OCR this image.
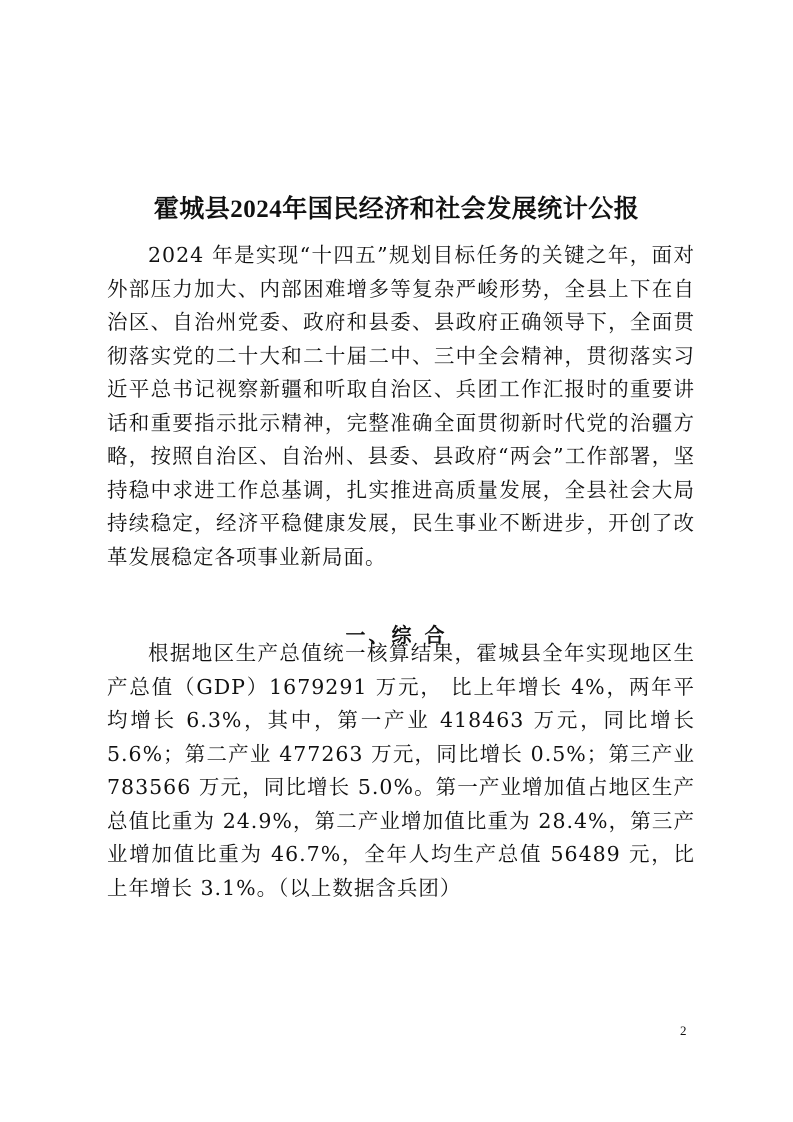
霍城县2024年国民经济和社会发展统计公报

2024 年是实现“十四五”规划目标任务的关键之年，面对外部压力加大、内部困难增多等复杂严峻形势，全县上下在自治区、自治州党委、政府和县委、县政府正确领导下，全面贯彻落实党的二十大和二十届二中、三中全会精神，贯彻落实习近平总书记视察新疆和听取自治区、兵团工作汇报时的重要讲话和重要指示批示精神，完整准确全面贯彻新时代党的治疆方略，按照自治区、自治州、县委、县政府“两会”工作部署，坚持稳中求进工作总基调，扎实推进高质量发展，全县社会大局持续稳定，经济平稳健康发展，民生事业不断进步，开创了改革发展稳定各项事业新局面。

一、综 合

根据地区生产总值统一核算结果，霍城县全年实现地区生产总值（GDP）1679291 万元， 比上年增长 4%，两年平均增长 6.3%，其中，第一产业 418463 万元，同比增长 5.6%；第二产业 477263 万元，同比增长 0.5%；第三产业 783566 万元，同比增长 5.0%。第一产业增加值占地区生产总值比重为 24.9%，第二产业增加值比重为 28.4%，第三产业增加值比重为 46.7%，全年人均生产总值 56489 元，比上年增长 3.1%。（以上数据含兵团）

2
